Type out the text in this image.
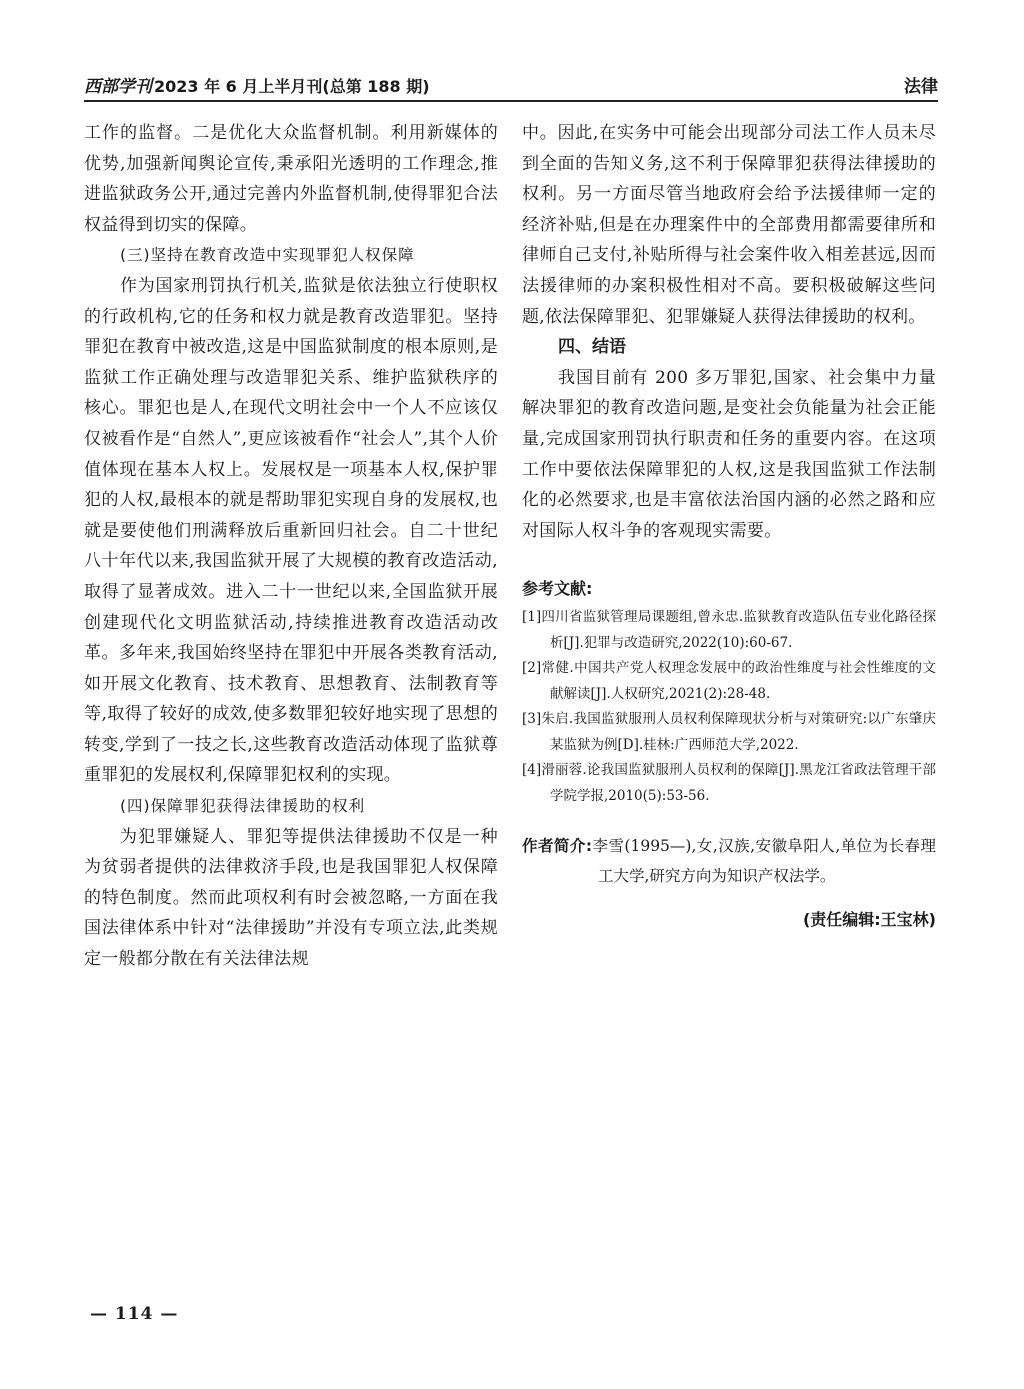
西部学刊 2023 年 6 月上半月刊(总第 188 期)	法律

工作的监督。二是优化大众监督机制。利用新媒体的优势,加强新闻舆论宣传,秉承阳光透明的工作理念,推进监狱政务公开,通过完善内外监督机制,使得罪犯合法权益得到切实的保障。

(三)坚持在教育改造中实现罪犯人权保障

作为国家刑罚执行机关,监狱是依法独立行使职权的行政机构,它的任务和权力就是教育改造罪犯。坚持罪犯在教育中被改造,这是中国监狱制度的根本原则,是监狱工作正确处理与改造罪犯关系、维护监狱秩序的核心。罪犯也是人,在现代文明社会中一个人不应该仅仅被看作是“自然人”,更应该被看作“社会人”,其个人价值体现在基本人权上。发展权是一项基本人权,保护罪犯的人权,最根本的就是帮助罪犯实现自身的发展权,也就是要使他们刑满释放后重新回归社会。自二十世纪八十年代以来,我国监狱开展了大规模的教育改造活动,取得了显著成效。进入二十一世纪以来,全国监狱开展创建现代化文明监狱活动,持续推进教育改造活动改革。多年来,我国始终坚持在罪犯中开展各类教育活动,如开展文化教育、技术教育、思想教育、法制教育等等,取得了较好的成效,使多数罪犯较好地实现了思想的转变,学到了一技之长,这些教育改造活动体现了监狱尊重罪犯的发展权利,保障罪犯权利的实现。

(四)保障罪犯获得法律援助的权利

为犯罪嫌疑人、罪犯等提供法律援助不仅是一种为贫弱者提供的法律救济手段,也是我国罪犯人权保障的特色制度。然而此项权利有时会被忽略,一方面在我国法律体系中针对“法律援助”并没有专项立法,此类规定一般都分散在有关法律法规

中。因此,在实务中可能会出现部分司法工作人员未尽到全面的告知义务,这不利于保障罪犯获得法律援助的权利。另一方面尽管当地政府会给予法援律师一定的经济补贴,但是在办理案件中的全部费用都需要律所和律师自己支付,补贴所得与社会案件收入相差甚远,因而法援律师的办案积极性相对不高。要积极破解这些问题,依法保障罪犯、犯罪嫌疑人获得法律援助的权利。

四、结语

我国目前有 200 多万罪犯,国家、社会集中力量解决罪犯的教育改造问题,是变社会负能量为社会正能量,完成国家刑罚执行职责和任务的重要内容。在这项工作中要依法保障罪犯的人权,这是我国监狱工作法制化的必然要求,也是丰富依法治国内涵的必然之路和应对国际人权斗争的客观现实需要。

参考文献:

[1]四川省监狱管理局课题组,曾永忠.监狱教育改造队伍专业化路径探析[J].犯罪与改造研究,2022(10):60-67.

[2]常健.中国共产党人权理念发展中的政治性维度与社会性维度的文献解读[J].人权研究,2021(2):28-48.

[3]朱启.我国监狱服刑人员权利保障现状分析与对策研究:以广东肇庆某监狱为例[D].桂林:广西师范大学,2022.

[4]滑丽蓉.论我国监狱服刑人员权利的保障[J].黑龙江省政法管理干部学院学报,2010(5):53-56.

作者简介:李雪(1995—),女,汉族,安徽阜阳人,单位为长春理工大学,研究方向为知识产权法学。

(责任编辑:王宝林)
— 114 —
